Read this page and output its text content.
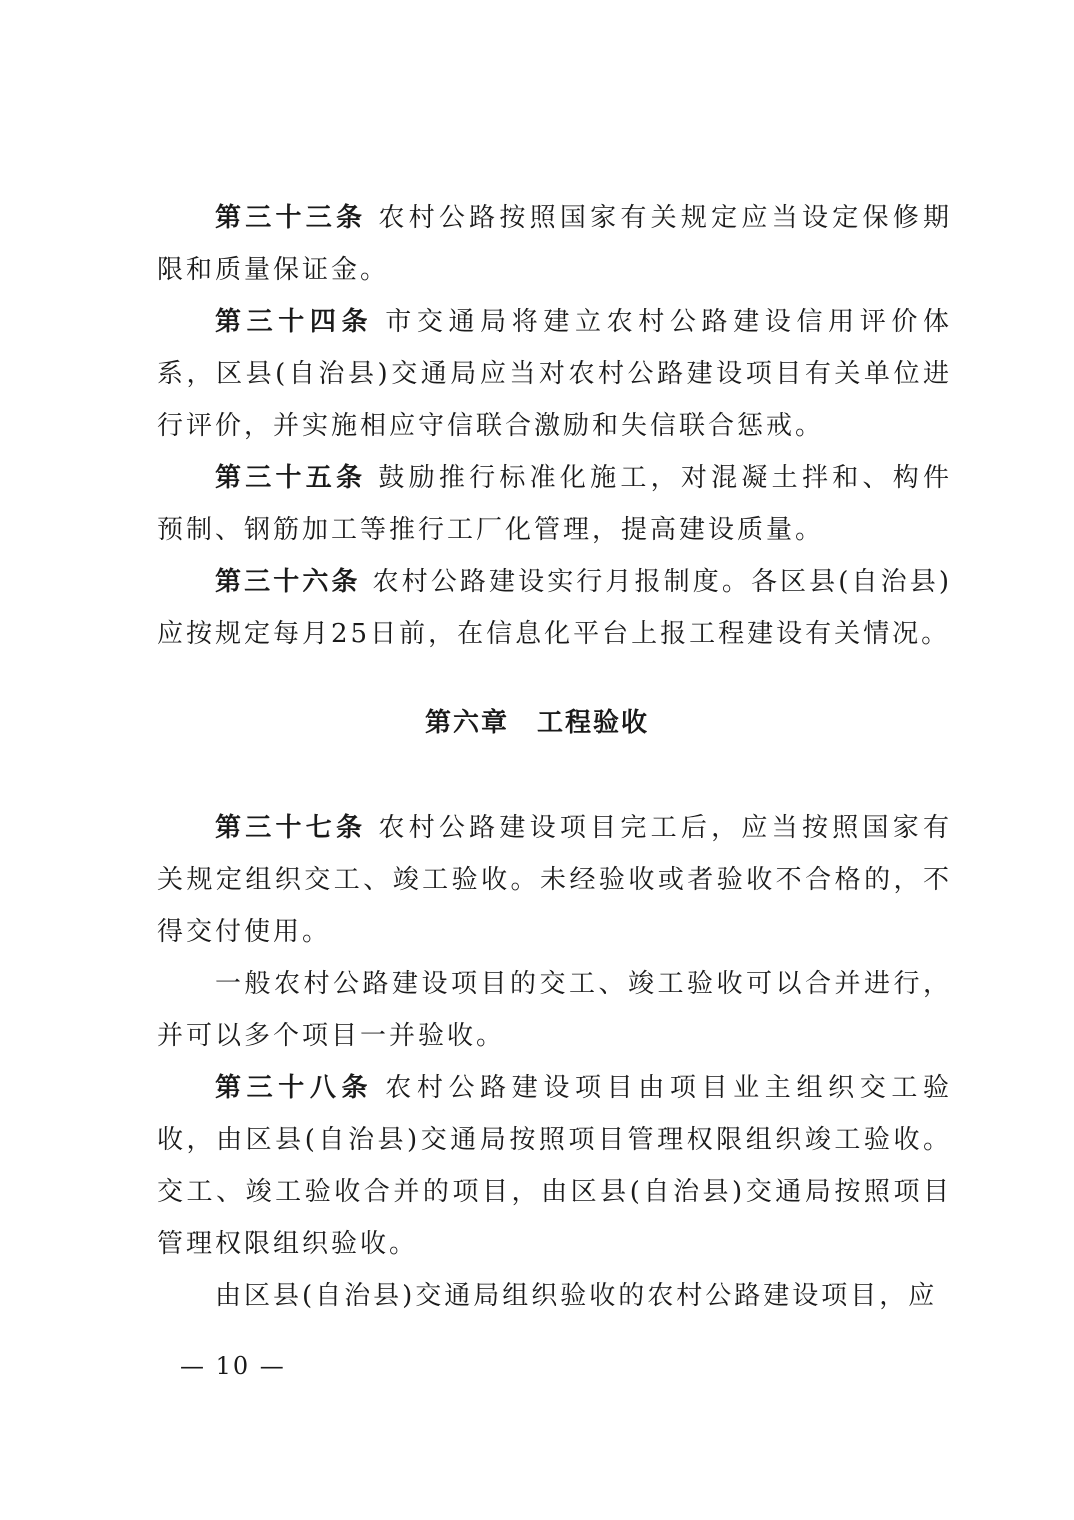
第三十三条 农村公路按照国家有关规定应当设定保修期限和质量保证金。

第三十四条 市交通局将建立农村公路建设信用评价体系，区县(自治县)交通局应当对农村公路建设项目有关单位进行评价，并实施相应守信联合激励和失信联合惩戒。

第三十五条 鼓励推行标准化施工，对混凝土拌和、构件预制、钢筋加工等推行工厂化管理，提高建设质量。

第三十六条 农村公路建设实行月报制度。各区县(自治县)应按规定每月25日前，在信息化平台上报工程建设有关情况。

第六章　工程验收

第三十七条 农村公路建设项目完工后，应当按照国家有关规定组织交工、竣工验收。未经验收或者验收不合格的，不得交付使用。

一般农村公路建设项目的交工、竣工验收可以合并进行，并可以多个项目一并验收。

第三十八条 农村公路建设项目由项目业主组织交工验收，由区县(自治县)交通局按照项目管理权限组织竣工验收。交工、竣工验收合并的项目，由区县(自治县)交通局按照项目管理权限组织验收。

由区县(自治县)交通局组织验收的农村公路建设项目，应

— 10 —
